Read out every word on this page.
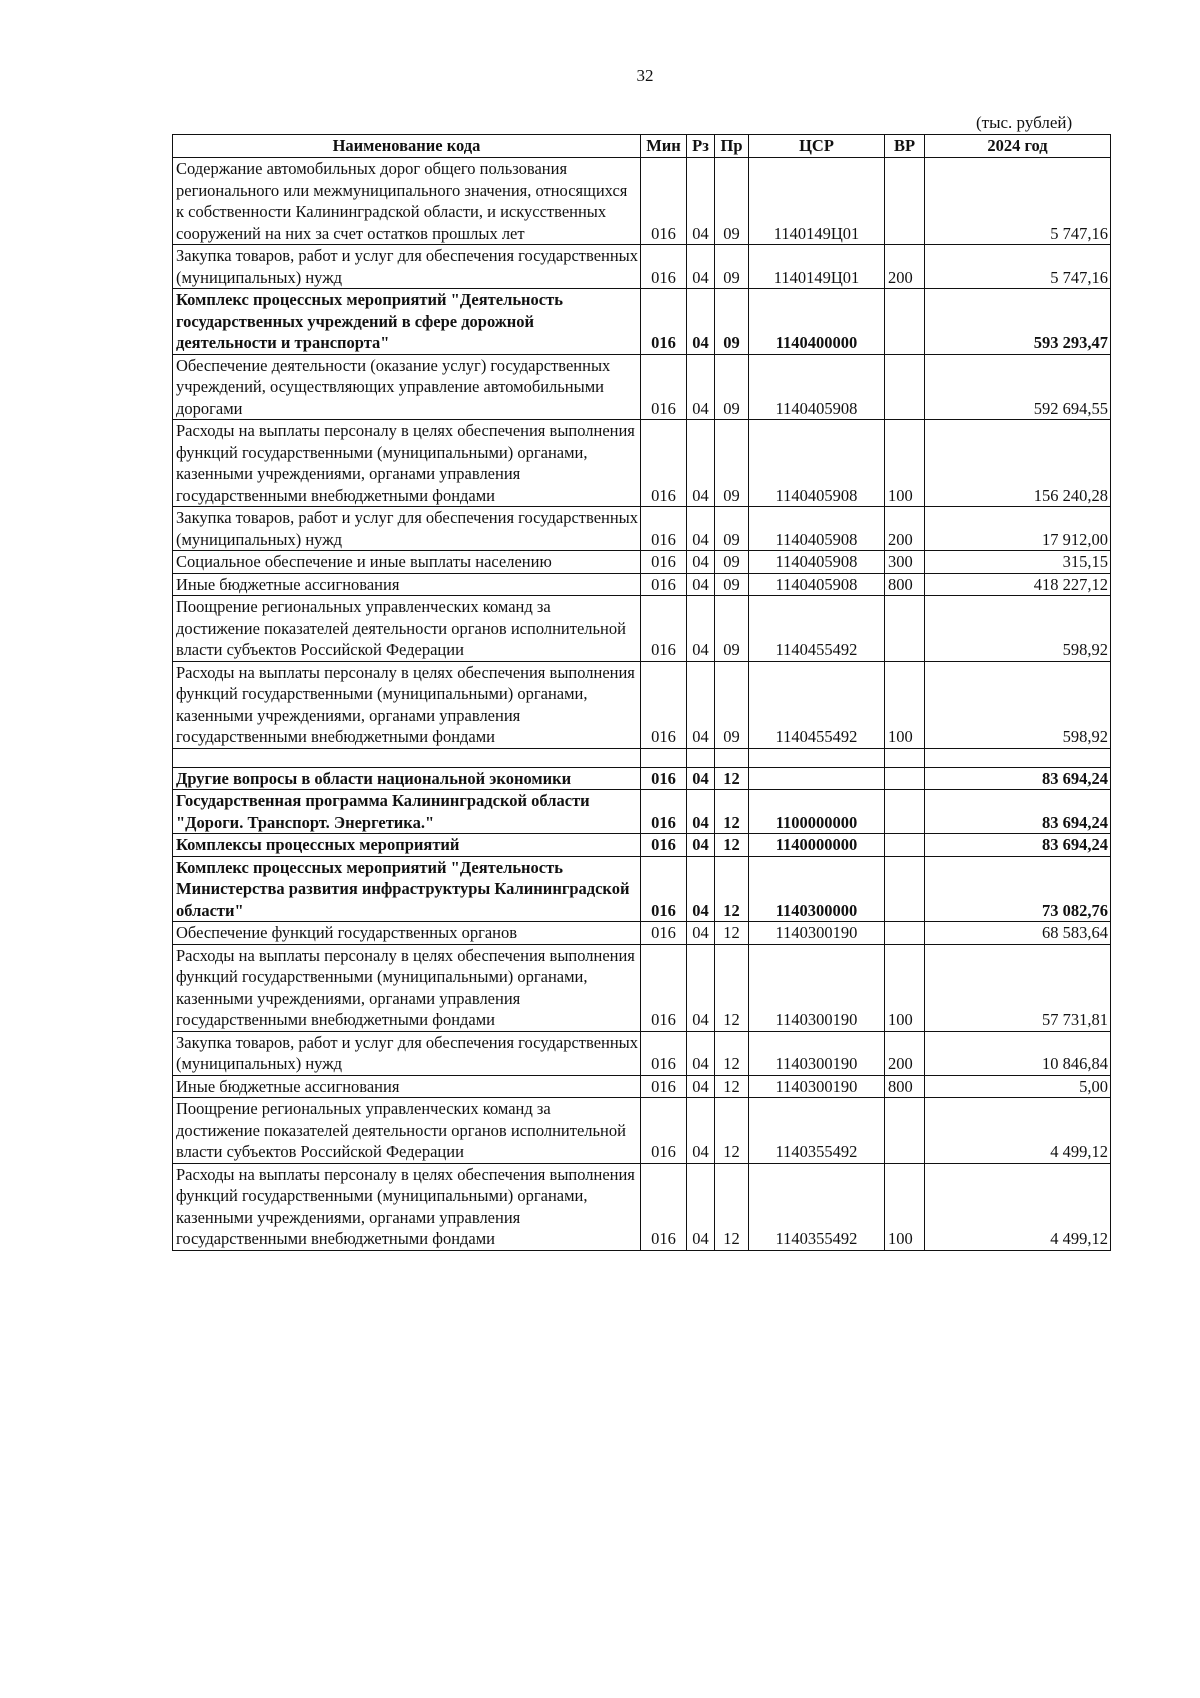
32
(тыс. рублей)
Наименование кода	Мин	Рз	Пр	ЦСР	ВР	2024 год
Содержание автомобильных дорог общего пользования регионального или межмуниципального значения, относящихся к собственности Калининградской области, и искусственных сооружений на них за счет остатков прошлых лет	016	04	09	1140149Ц01		5 747,16
Закупка товаров, работ и услуг для обеспечения государственных (муниципальных) нужд	016	04	09	1140149Ц01	200	5 747,16
Комплекс процессных мероприятий "Деятельность государственных учреждений в сфере дорожной деятельности и транспорта"	016	04	09	1140400000		593 293,47
Обеспечение деятельности (оказание услуг) государственных учреждений, осуществляющих управление автомобильными дорогами	016	04	09	1140405908		592 694,55
Расходы на выплаты персоналу в целях обеспечения выполнения функций государственными (муниципальными) органами, казенными учреждениями, органами управления государственными внебюджетными фондами	016	04	09	1140405908	100	156 240,28
Закупка товаров, работ и услуг для обеспечения государственных (муниципальных) нужд	016	04	09	1140405908	200	17 912,00
Социальное обеспечение и иные выплаты населению	016	04	09	1140405908	300	315,15
Иные бюджетные ассигнования	016	04	09	1140405908	800	418 227,12
Поощрение региональных управленческих команд за достижение показателей деятельности органов исполнительной власти субъектов Российской Федерации	016	04	09	1140455492		598,92
Расходы на выплаты персоналу в целях обеспечения выполнения функций государственными (муниципальными) органами, казенными учреждениями, органами управления государственными внебюджетными фондами	016	04	09	1140455492	100	598,92

Другие вопросы в области национальной экономики	016	04	12			83 694,24
Государственная программа Калининградской области "Дороги. Транспорт. Энергетика."	016	04	12	1100000000		83 694,24
Комплексы процессных мероприятий	016	04	12	1140000000		83 694,24
Комплекс процессных мероприятий "Деятельность Министерства развития инфраструктуры Калининградской области"	016	04	12	1140300000		73 082,76
Обеспечение функций государственных органов	016	04	12	1140300190		68 583,64
Расходы на выплаты персоналу в целях обеспечения выполнения функций государственными (муниципальными) органами, казенными учреждениями, органами управления государственными внебюджетными фондами	016	04	12	1140300190	100	57 731,81
Закупка товаров, работ и услуг для обеспечения государственных (муниципальных) нужд	016	04	12	1140300190	200	10 846,84
Иные бюджетные ассигнования	016	04	12	1140300190	800	5,00
Поощрение региональных управленческих команд за достижение показателей деятельности органов исполнительной власти субъектов Российской Федерации	016	04	12	1140355492		4 499,12
Расходы на выплаты персоналу в целях обеспечения выполнения функций государственными (муниципальными) органами, казенными учреждениями, органами управления государственными внебюджетными фондами	016	04	12	1140355492	100	4 499,12
